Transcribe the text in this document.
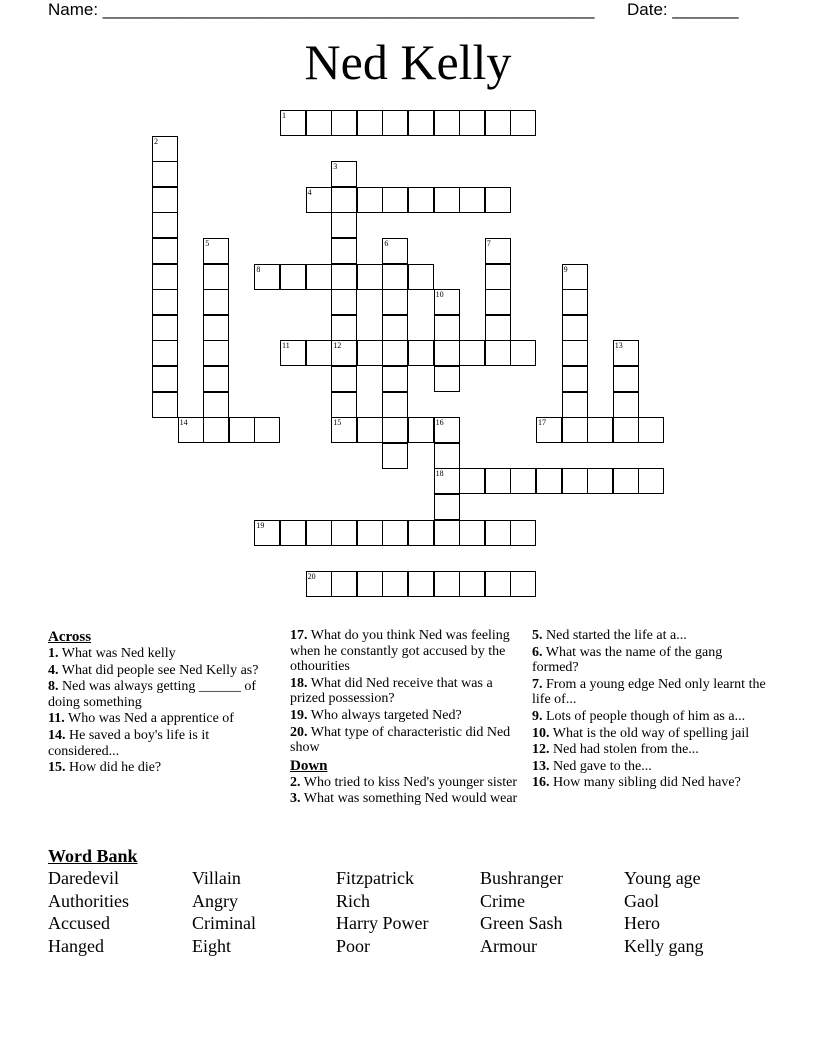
Name: ____________________________________________________ Date: _______
Ned Kelly
1
2
3
4
5	6	7
8	9
10
11	12	13
14	15	16
18
17
19
20
Across
1. What was Ned kelly
4. What did people see Ned Kelly as?
8. Ned was always getting ______ of doing something
11. Who was Ned a apprentice of
14. He saved a boy's life is it considered...
15. How did he die?
17. What do you think Ned was feeling when he constantly got accused by the othourities
18. What did Ned receive that was a prized possession?
19. Who always targeted Ned?
20. What type of characteristic did Ned show
Down
2. Who tried to kiss Ned's younger sister
3. What was something Ned would wear
5. Ned started the life at a...
6. What was the name of the gang formed?
7. From a young edge Ned only learnt the life of...
9. Lots of people though of him as a...
10. What is the old way of spelling jail
12. Ned had stolen from the...
13. Ned gave to the...
16. How many sibling did Ned have?
Word Bank
Daredevil
Authorities
Accused
Hanged
Villain
Angry
Criminal
Eight
Fitzpatrick
Rich
Harry Power
Poor
Bushranger
Crime
Green Sash
Armour
Young age
Gaol
Hero
Kelly gang
